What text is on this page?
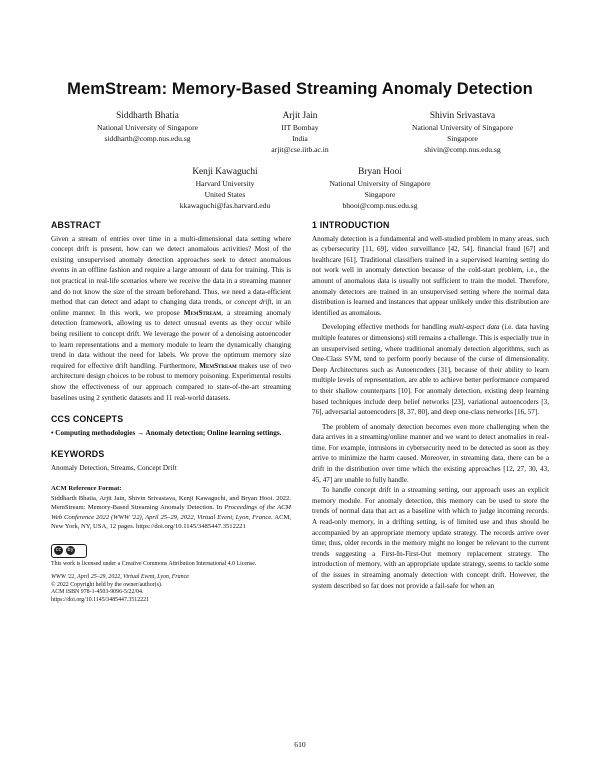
MemStream: Memory-Based Streaming Anomaly Detection
Siddharth Bhatia
National University of Singapore
siddharth@comp.nus.edu.sg
Arjit Jain
IIT Bombay
India
arjit@cse.iitb.ac.in
Shivin Srivastava
National University of Singapore
Singapore
shivin@comp.nus.edu.sg
Kenji Kawaguchi
Harvard University
United States
kkawaguchi@fas.harvard.edu
Bryan Hooi
National University of Singapore
Singapore
bhooi@comp.nus.edu.sg
ABSTRACT

Given a stream of entries over time in a multi-dimensional data setting where concept drift is present, how can we detect anomalous activities? Most of the existing unsupervised anomaly detection approaches seek to detect anomalous events in an offline fashion and require a large amount of data for training. This is not practical in real-life scenarios where we receive the data in a streaming manner and do not know the size of the stream beforehand. Thus, we need a data-efficient method that can detect and adapt to changing data trends, or concept drift, in an online manner. In this work, we propose MemStream, a streaming anomaly detection framework, allowing us to detect unusual events as they occur while being resilient to concept drift. We leverage the power of a denoising autoencoder to learn representations and a memory module to learn the dynamically changing trend in data without the need for labels. We prove the optimum memory size required for effective drift handling. Furthermore, MemStream makes use of two architecture design choices to be robust to memory poisoning. Experimental results show the effectiveness of our approach compared to state-of-the-art streaming baselines using 2 synthetic datasets and 11 real-world datasets.

CCS CONCEPTS

• Computing methodologies → Anomaly detection; Online learning settings.

KEYWORDS

Anomaly Detection, Streams, Concept Drift

ACM Reference Format:

Siddharth Bhatia, Arjit Jain, Shivin Srivastava, Kenji Kawaguchi, and Bryan Hooi. 2022. MemStream: Memory-Based Streaming Anomaly Detection. In Proceedings of the ACM Web Conference 2022 (WWW '22), April 25–29, 2022, Virtual Event, Lyon, France. ACM, New York, NY, USA, 12 pages. https://doi.org/10.1145/3485447.3512221

cc	by
This work is licensed under a Creative Commons Attribution International 4.0 License.
WWW '22, April 25–29, 2022, Virtual Event, Lyon, France
© 2022 Copyright held by the owner/author(s).
ACM ISBN 978-1-4503-9096-5/22/04.
https://doi.org/10.1145/3485447.3512221
1 INTRODUCTION

Anomaly detection is a fundamental and well-studied problem in many areas, such as cybersecurity [11, 69], video surveillance [42, 54], financial fraud [67] and healthcare [61]. Traditional classifiers trained in a supervised learning setting do not work well in anomaly detection because of the cold-start problem, i.e., the amount of anomalous data is usually not sufficient to train the model. Therefore, anomaly detectors are trained in an unsupervised setting where the normal data distribution is learned and instances that appear unlikely under this distribution are identified as anomalous.

Developing effective methods for handling multi-aspect data (i.e. data having multiple features or dimensions) still remains a challenge. This is especially true in an unsupervised setting, where traditional anomaly detection algorithms, such as One-Class SVM, tend to perform poorly because of the curse of dimensionality. Deep Architectures such as Autoencoders [31], because of their ability to learn multiple levels of representation, are able to achieve better performance compared to their shallow counterparts [10]. For anomaly detection, existing deep learning based techniques include deep belief networks [23], variational autoencoders [3, 76], adversarial autoencoders [8, 37, 80], and deep one-class networks [16, 57].

The problem of anomaly detection becomes even more challenging when the data arrives in a streaming/online manner and we want to detect anomalies in real-time. For example, intrusions in cybersecurity need to be detected as soon as they arrive to minimize the harm caused. Moreover, in streaming data, there can be a drift in the distribution over time which the existing approaches [12, 27, 30, 43, 45, 47] are unable to fully handle.

To handle concept drift in a streaming setting, our approach uses an explicit memory module. For anomaly detection, this memory can be used to store the trends of normal data that act as a baseline with which to judge incoming records. A read-only memory, in a drifting setting, is of limited use and thus should be accompanied by an appropriate memory update strategy. The records arrive over time; thus, older records in the memory might no longer be relevant to the current trends suggesting a First-In-First-Out memory replacement strategy. The introduction of memory, with an appropriate update strategy, seems to tackle some of the issues in streaming anomaly detection with concept drift. However, the system described so far does not provide a fail-safe for when an

610
